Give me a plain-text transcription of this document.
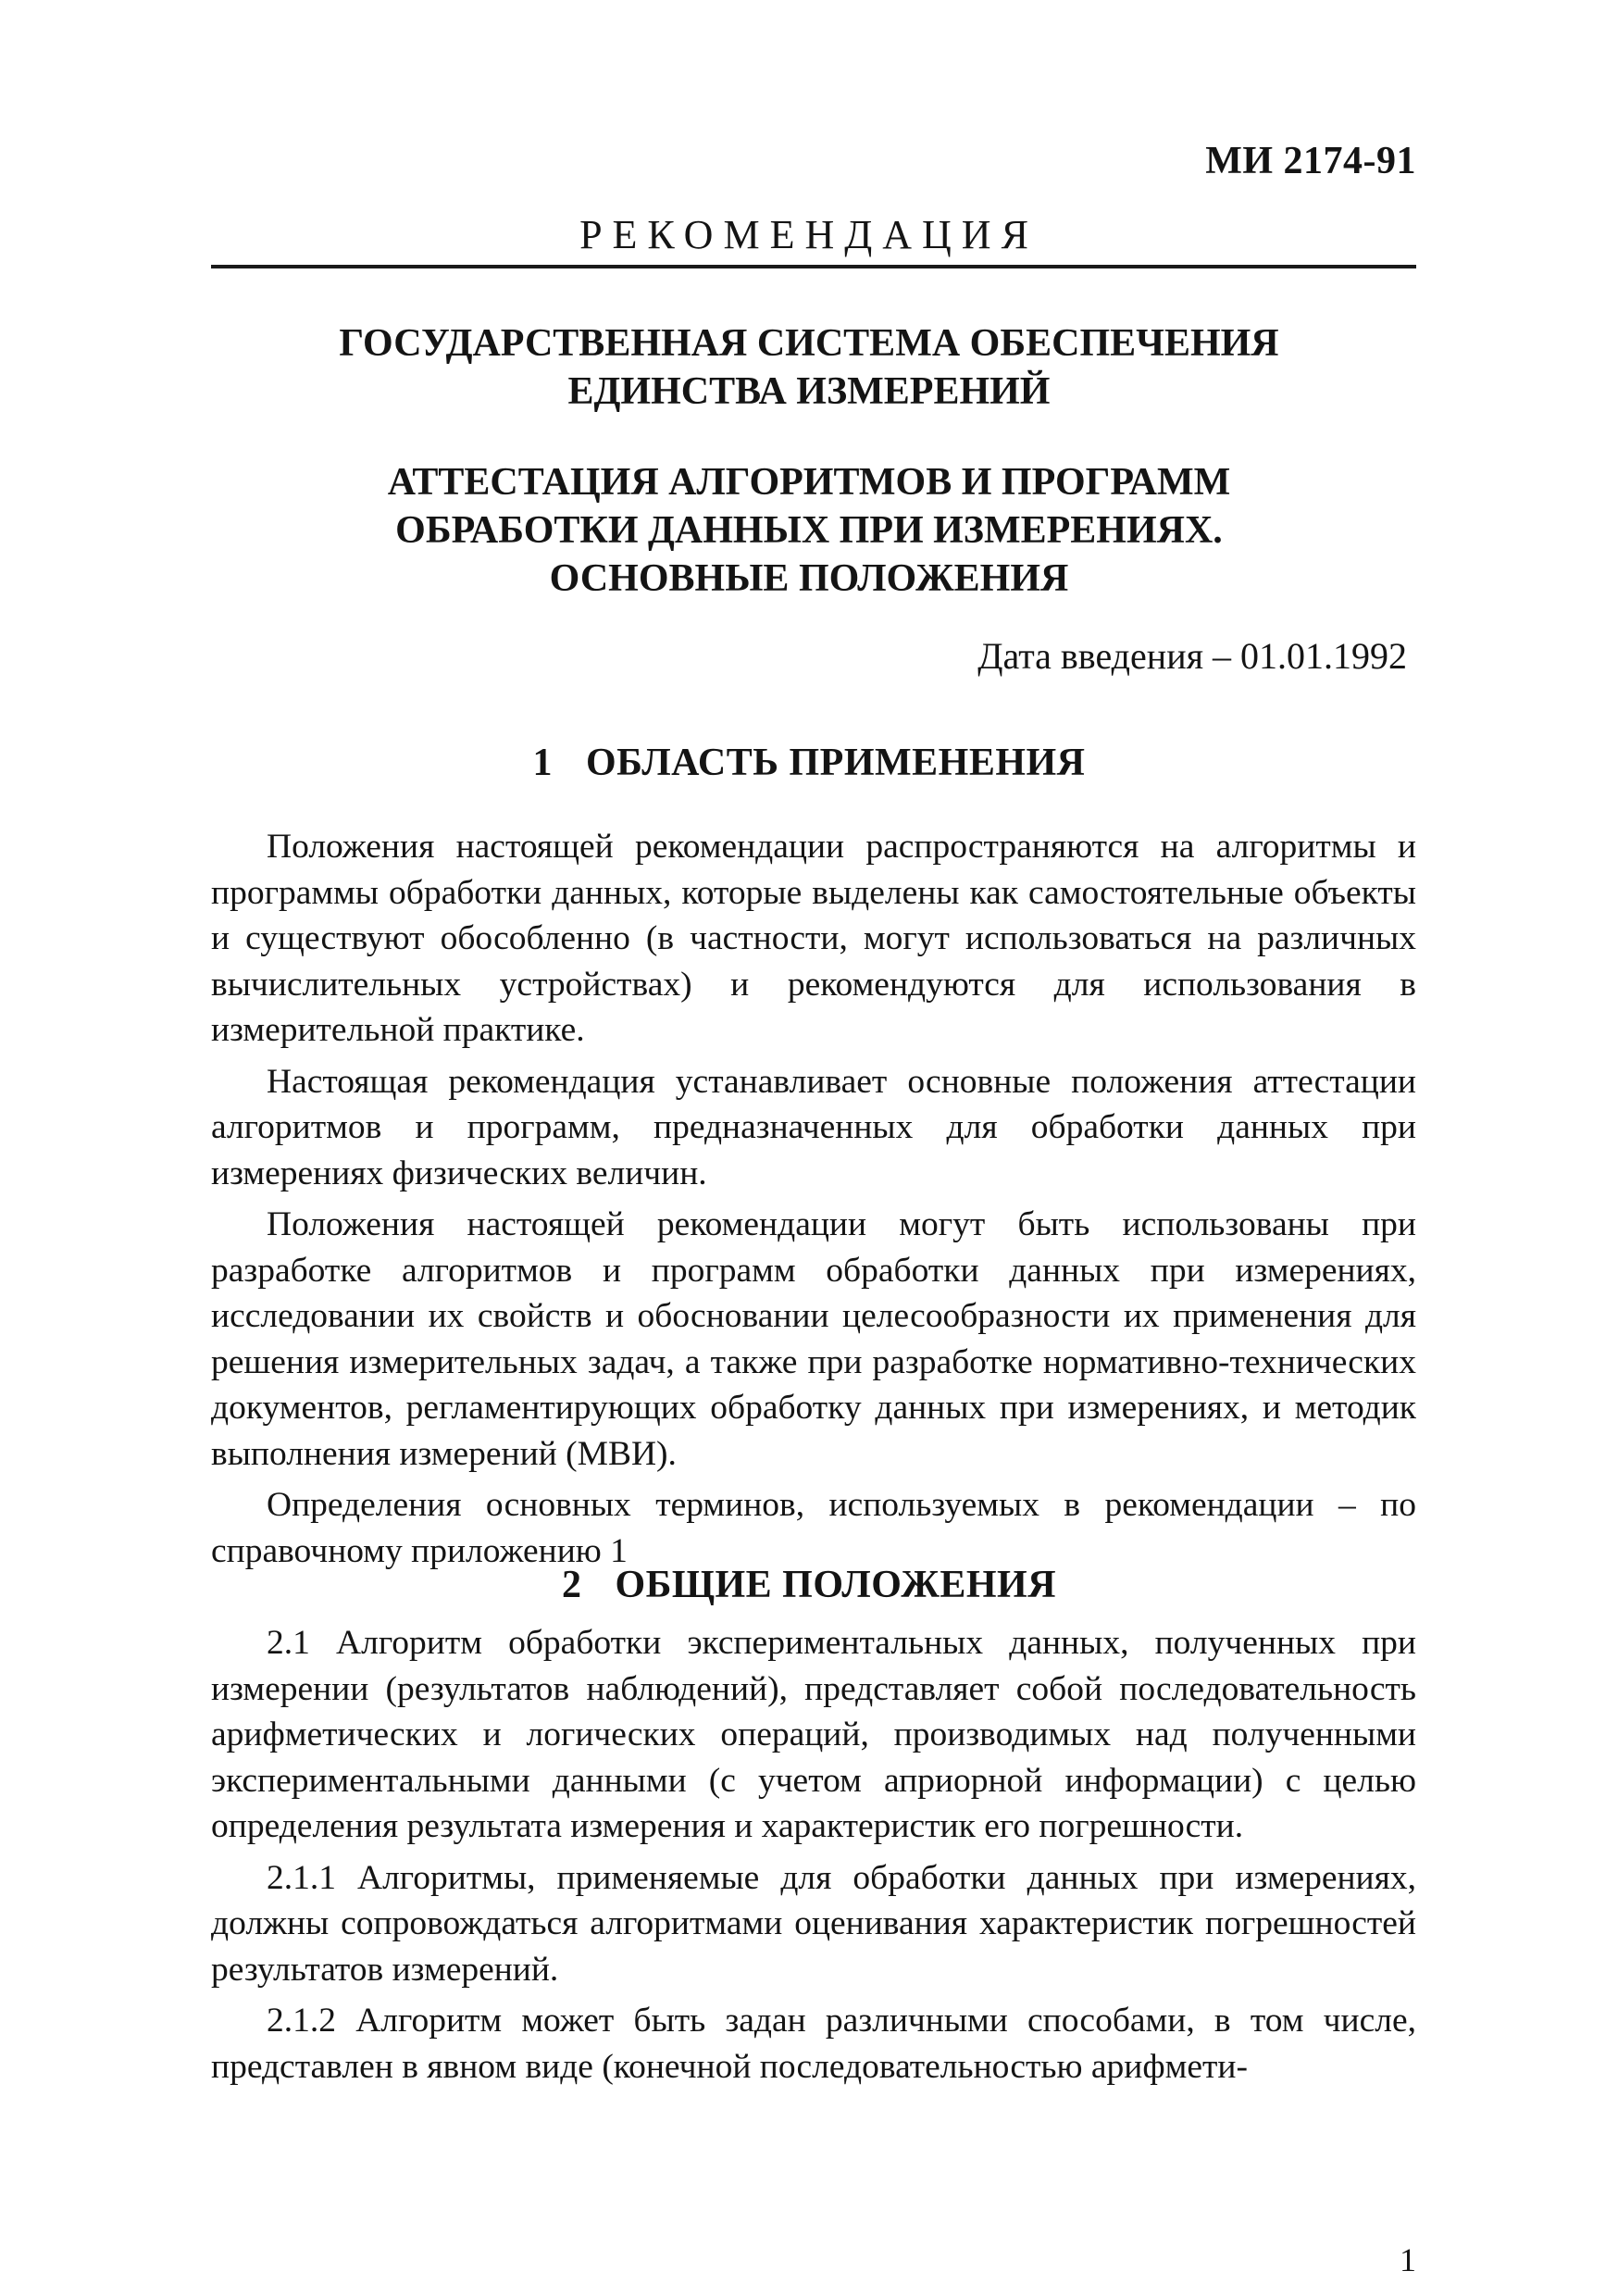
МИ 2174-91
РЕКОМЕНДАЦИЯ
ГОСУДАРСТВЕННАЯ СИСТЕМА ОБЕСПЕЧЕНИЯ
ЕДИНСТВА ИЗМЕРЕНИЙ
АТТЕСТАЦИЯ АЛГОРИТМОВ И ПРОГРАММ
ОБРАБОТКИ ДАННЫХ ПРИ ИЗМЕРЕНИЯХ.
ОСНОВНЫЕ ПОЛОЖЕНИЯ
Дата введения – 01.01.1992
1 ОБЛАСТЬ ПРИМЕНЕНИЯ

Положения настоящей рекомендации распространяются на алгоритмы и программы обработки данных, которые выделены как самостоятельные объекты и существуют обособленно (в частности, могут использоваться на различных вычислительных устройствах) и рекомендуются для использования в измерительной практике.

Настоящая рекомендация устанавливает основные положения аттестации алгоритмов и программ, предназначенных для обработки данных при измерениях физических величин.

Положения настоящей рекомендации могут быть использованы при разработке алгоритмов и программ обработки данных при измерениях, исследовании их свойств и обосновании целесообразности их применения для решения измерительных задач, а также при разработке нормативно-технических документов, регламентирующих обработку данных при измерениях, и методик выполнения измерений (МВИ).

Определения основных терминов, используемых в рекомендации – по справочному приложению 1

2 ОБЩИЕ ПОЛОЖЕНИЯ

2.1 Алгоритм обработки экспериментальных данных, полученных при измерении (результатов наблюдений), представляет собой последовательность арифметических и логических операций, производимых над полученными экспериментальными данными (с учетом априорной информации) с целью определения результата измерения и характеристик его погрешности.

2.1.1 Алгоритмы, применяемые для обработки данных при измерениях, должны сопровождаться алгоритмами оценивания характеристик погрешностей результатов измерений.

2.1.2 Алгоритм может быть задан различными способами, в том числе, представлен в явном виде (конечной последовательностью арифмети-

1
